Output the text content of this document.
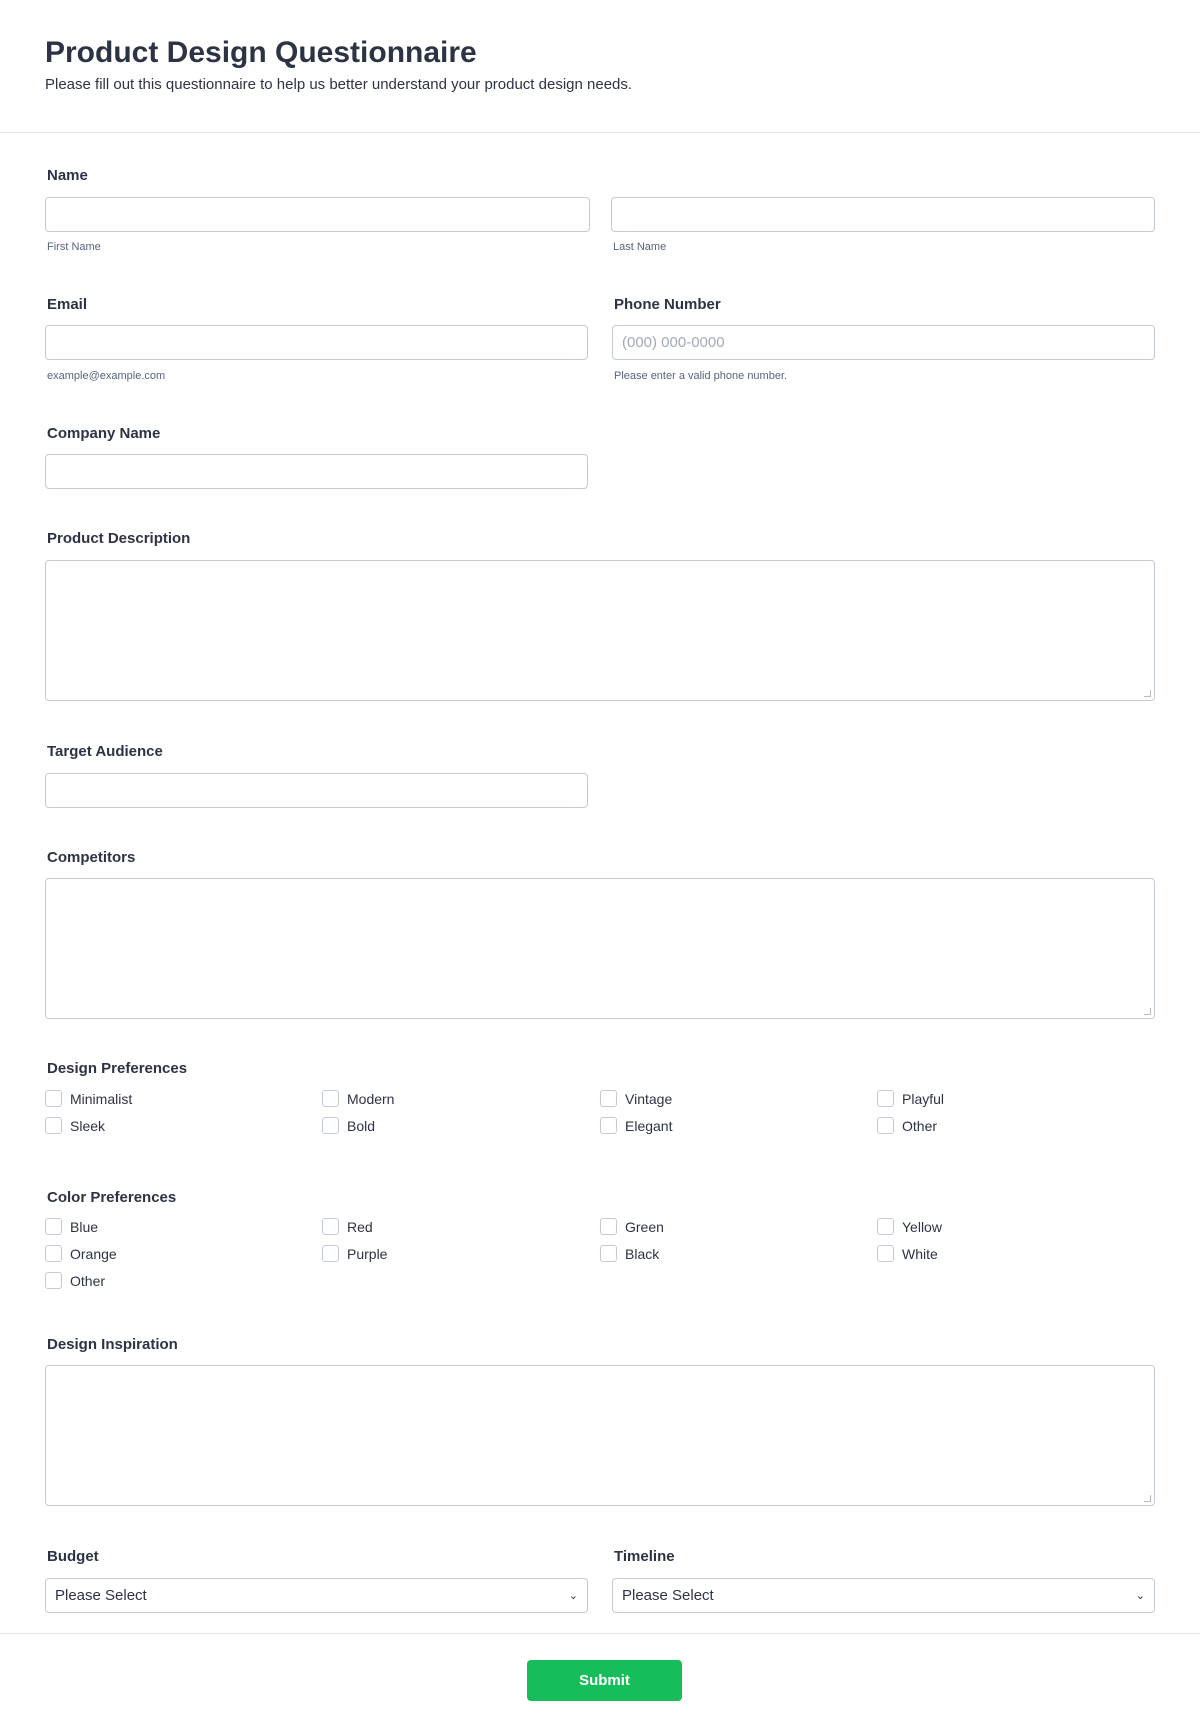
Product Design Questionnaire
Please fill out this questionnaire to help us better understand your product design needs.
Name
First Name	Last Name
Email
example@example.com
Phone Number
(000) 000-0000
Please enter a valid phone number.
Company Name
Product Description
Target Audience
Competitors
Design Preferences
Minimalist	Modern	Vintage	Playful
Sleek	Bold	Elegant	Other
Color Preferences
Blue	Red	Green	Yellow
Orange	Purple	Black	White
Other
Design Inspiration
Budget
Please Select	⌄
Timeline
Please Select	⌄
Submit
